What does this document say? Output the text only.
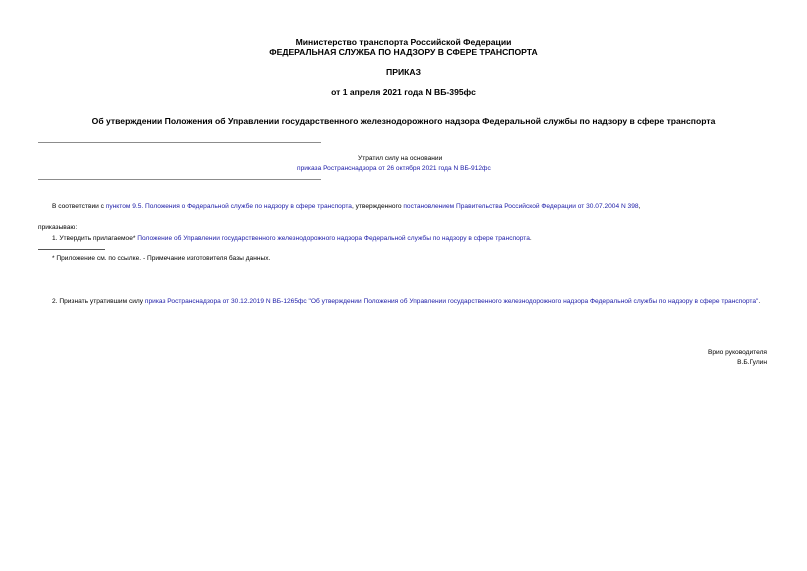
Министерство транспорта Российской Федерации
ФЕДЕРАЛЬНАЯ СЛУЖБА ПО НАДЗОРУ В СФЕРЕ ТРАНСПОРТА
ПРИКАЗ
от 1 апреля 2021 года N ВБ-395фс
Об утверждении Положения об Управлении государственного железнодорожного надзора Федеральной службы по надзору в сфере транспорта
Утратил силу на основании
приказа Ространснадзора от 26 октября 2021 года N ВБ-912фс
В соответствии с пунктом 9.5. Положения о Федеральной службе по надзору в сфере транспорта, утвержденного постановлением Правительства Российской Федерации от 30.07.2004 N 398,
приказываю:
1. Утвердить прилагаемое* Положение об Управлении государственного железнодорожного надзора Федеральной службы по надзору в сфере транспорта.
* Приложение см. по ссылке. - Примечание изготовителя базы данных.
2. Признать утратившим силу приказ Ространснадзора от 30.12.2019 N ВБ-1265фс "Об утверждении Положения об Управлении государственного железнодорожного надзора Федеральной службы по надзору в сфере транспорта".
Врио руководителя
В.Б.Гулин
